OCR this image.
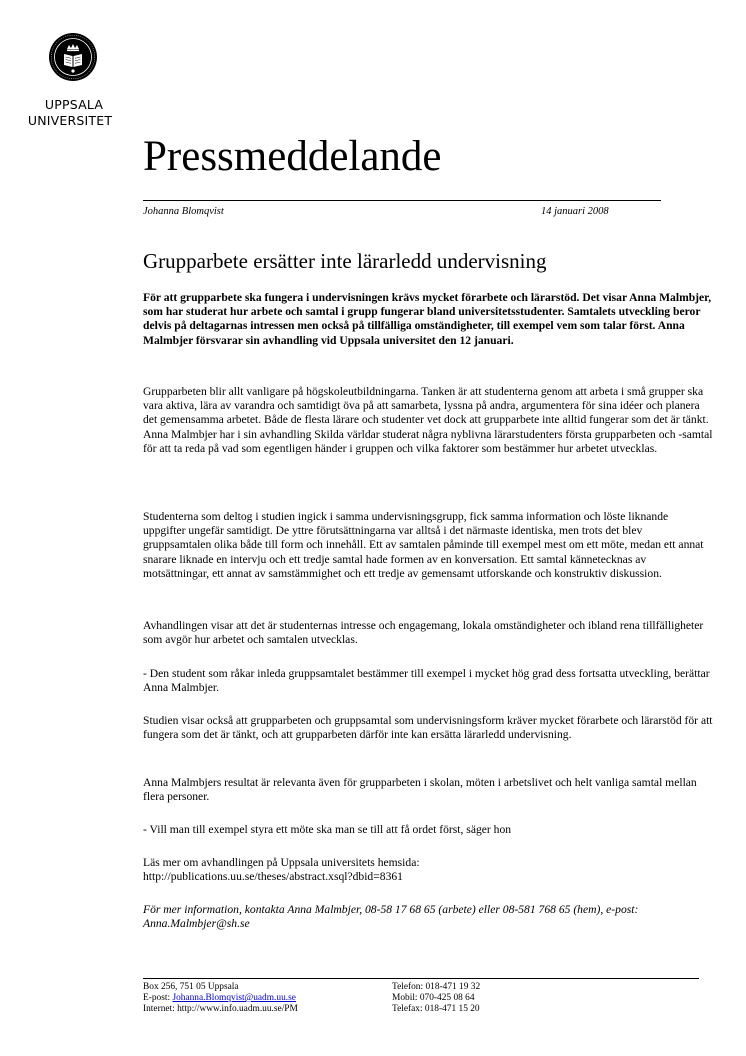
UPPSALA
UNIVERSITET
Pressmeddelande
Johanna Blomqvist	14 januari 2008
Grupparbete ersätter inte lärarledd undervisning

För att grupparbete ska fungera i undervisningen krävs mycket förarbete och lärarstöd. Det visar Anna Malmbjer, som har studerat hur arbete och samtal i grupp fungerar bland universitetsstudenter. Samtalets utveckling beror delvis på deltagarnas intressen men också på tillfälliga omständigheter, till exempel vem som talar först. Anna Malmbjer försvarar sin avhandling vid Uppsala universitet den 12 januari.

Grupparbeten blir allt vanligare på högskoleutbildningarna. Tanken är att studenterna genom att arbeta i små grupper ska vara aktiva, lära av varandra och samtidigt öva på att samarbeta, lyssna på andra, argumentera för sina idéer och planera det gemensamma arbetet. Både de flesta lärare och studenter vet dock att grupparbete inte alltid fungerar som det är tänkt. Anna Malmbjer har i sin avhandling Skilda världar studerat några nyblivna lärarstudenters första grupparbeten och -samtal för att ta reda på vad som egentligen händer i gruppen och vilka faktorer som bestämmer hur arbetet utvecklas.

Studenterna som deltog i studien ingick i samma undervisningsgrupp, fick samma information och löste liknande uppgifter ungefär samtidigt. De yttre förutsättningarna var alltså i det närmaste identiska, men trots det blev gruppsamtalen olika både till form och innehåll. Ett av samtalen påminde till exempel mest om ett möte, medan ett annat snarare liknade en intervju och ett tredje samtal hade formen av en konversation. Ett samtal kännetecknas av motsättningar, ett annat av samstämmighet och ett tredje av gemensamt utforskande och konstruktiv diskussion.

Avhandlingen visar att det är studenternas intresse och engagemang, lokala omständigheter och ibland rena tillfälligheter som avgör hur arbetet och samtalen utvecklas.

- Den student som råkar inleda gruppsamtalet bestämmer till exempel i mycket hög grad dess fortsatta utveckling, berättar Anna Malmbjer.

Studien visar också att grupparbeten och gruppsamtal som undervisningsform kräver mycket förarbete och lärarstöd för att fungera som det är tänkt, och att grupparbeten därför inte kan ersätta lärarledd undervisning.

Anna Malmbjers resultat är relevanta även för grupparbeten i skolan, möten i arbetslivet och helt vanliga samtal mellan flera personer.

- Vill man till exempel styra ett möte ska man se till att få ordet först, säger hon

Läs mer om avhandlingen på Uppsala universitets hemsida:
http://publications.uu.se/theses/abstract.xsql?dbid=8361

För mer information, kontakta Anna Malmbjer, 08-58 17 68 65 (arbete) eller 08-581 768 65 (hem), e-post: Anna.Malmbjer@sh.se

Box 256, 751 05 Uppsala
E-post: Johanna.Blomqvist@uadm.uu.se
Internet: http://www.info.uadm.uu.se/PM
Telefon: 018-471 19 32
Mobil: 070-425 08 64
Telefax: 018-471 15 20
